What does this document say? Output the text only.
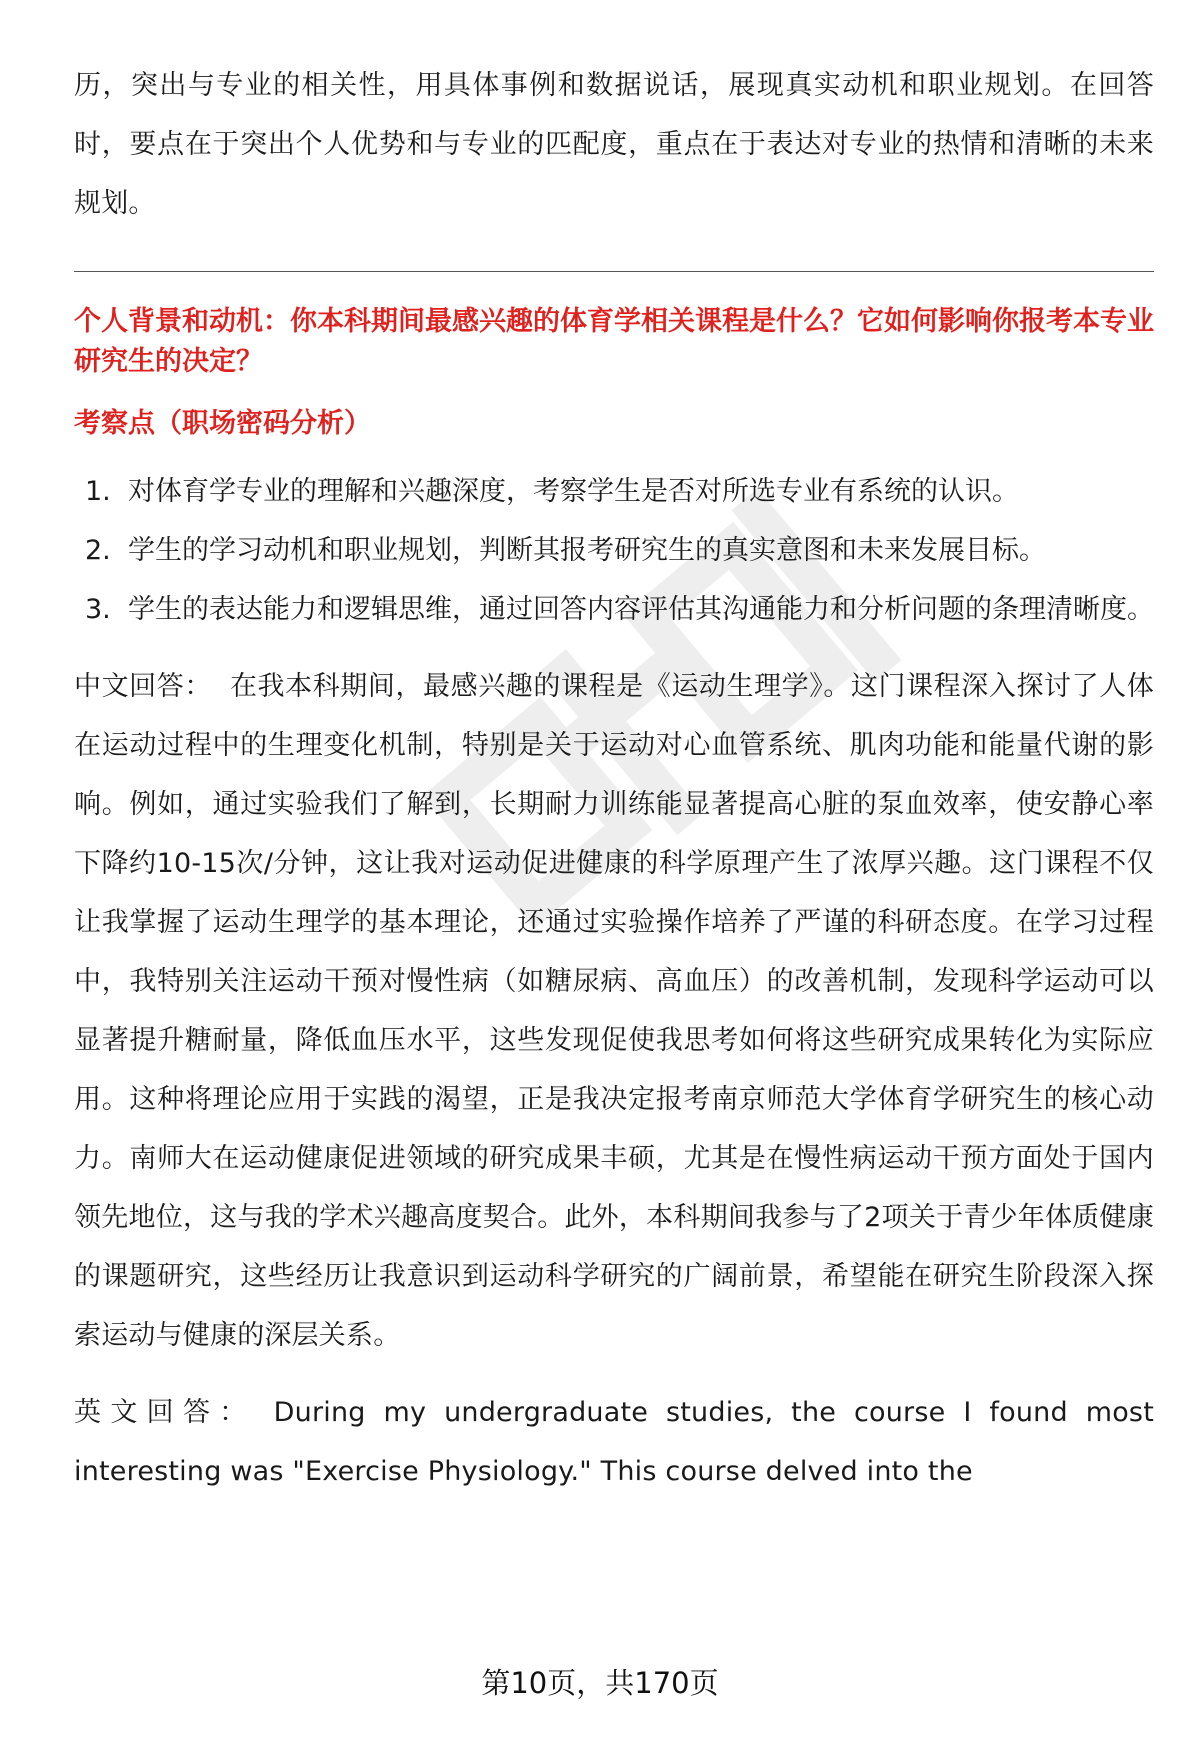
历，突出与专业的相关性，用具体事例和数据说话，展现真实动机和职业规划。在回答时，要点在于突出个人优势和与专业的匹配度，重点在于表达对专业的热情和清晰的未来规划。

个人背景和动机：你本科期间最感兴趣的体育学相关课程是什么？它如何影响你报考本专业研究生的决定？

考察点（职场密码分析）

1. 对体育学专业的理解和兴趣深度，考察学生是否对所选专业有系统的认识。
2. 学生的学习动机和职业规划，判断其报考研究生的真实意图和未来发展目标。
3. 学生的表达能力和逻辑思维，通过回答内容评估其沟通能力和分析问题的条理清晰度。

中文回答： 在我本科期间，最感兴趣的课程是《运动生理学》。这门课程深入探讨了人体在运动过程中的生理变化机制，特别是关于运动对心血管系统、肌肉功能和能量代谢的影响。例如，通过实验我们了解到，长期耐力训练能显著提高心脏的泵血效率，使安静心率下降约10-15次/分钟，这让我对运动促进健康的科学原理产生了浓厚兴趣。这门课程不仅让我掌握了运动生理学的基本理论，还通过实验操作培养了严谨的科研态度。在学习过程中，我特别关注运动干预对慢性病（如糖尿病、高血压）的改善机制，发现科学运动可以显著提升糖耐量，降低血压水平，这些发现促使我思考如何将这些研究成果转化为实际应用。这种将理论应用于实践的渴望，正是我决定报考南京师范大学体育学研究生的核心动力。南师大在运动健康促进领域的研究成果丰硕，尤其是在慢性病运动干预方面处于国内领先地位，这与我的学术兴趣高度契合。此外，本科期间我参与了2项关于青少年体质健康的课题研究，这些经历让我意识到运动科学研究的广阔前景，希望能在研究生阶段深入探索运动与健康的深层关系。

英文回答： During my undergraduate studies, the course I found most interesting was "Exercise Physiology." This course delved into the

第10页，共170页
